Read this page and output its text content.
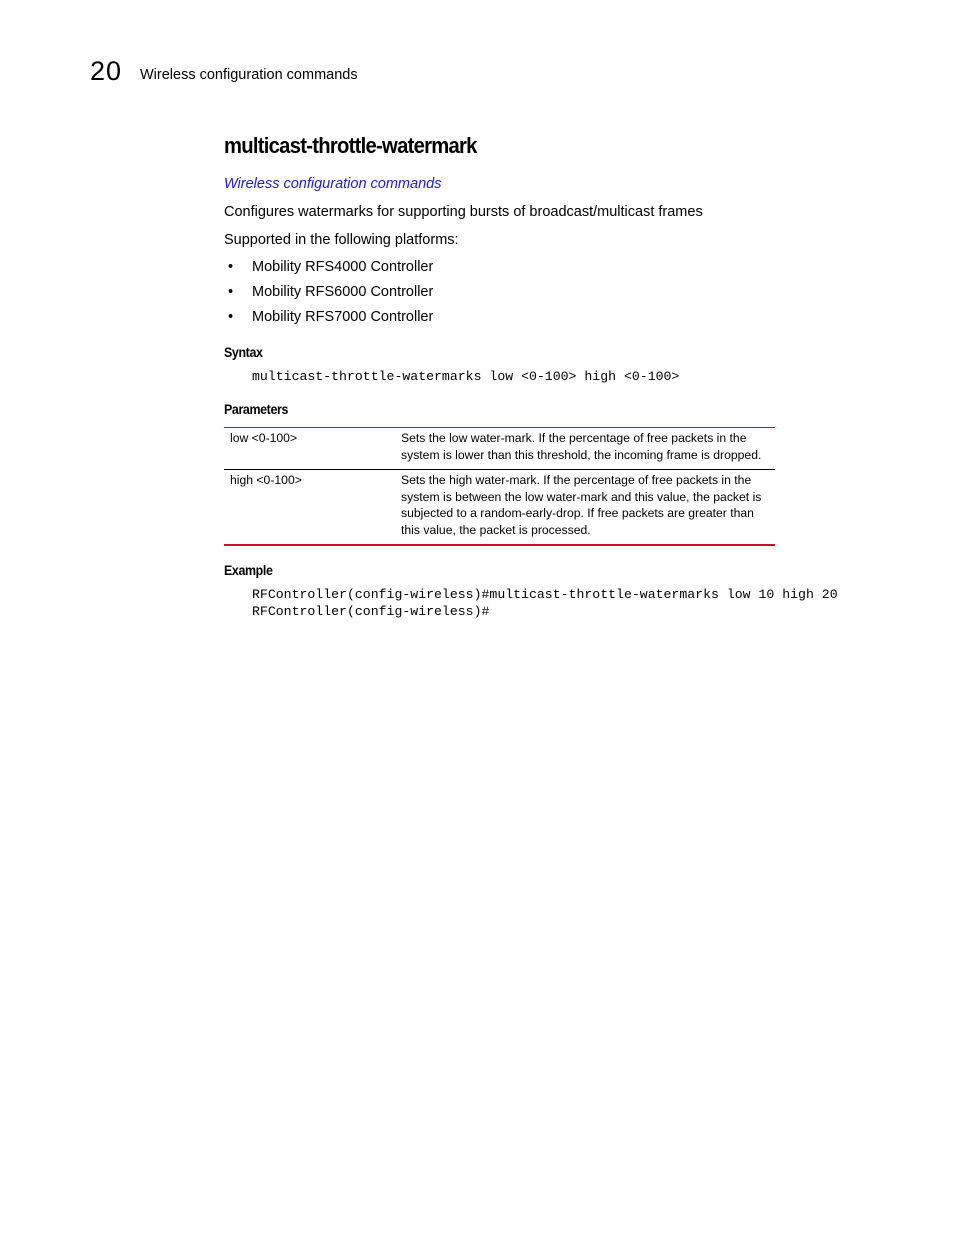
20 Wireless configuration commands
multicast-throttle-watermark
Wireless configuration commands
Configures watermarks for supporting bursts of broadcast/multicast frames
Supported in the following platforms:
• Mobility RFS4000 Controller
• Mobility RFS6000 Controller
• Mobility RFS7000 Controller
Syntax
multicast-throttle-watermarks low <0-100> high <0-100>
Parameters
low <0-100>	Sets the low water-mark. If the percentage of free packets in the system is lower than this threshold, the incoming frame is dropped.
high <0-100>	Sets the high water-mark. If the percentage of free packets in the system is between the low water-mark and this value, the packet is subjected to a random-early-drop. If free packets are greater than this value, the packet is processed.
Example
RFController(config-wireless)#multicast-throttle-watermarks low 10 high 20
RFController(config-wireless)#
